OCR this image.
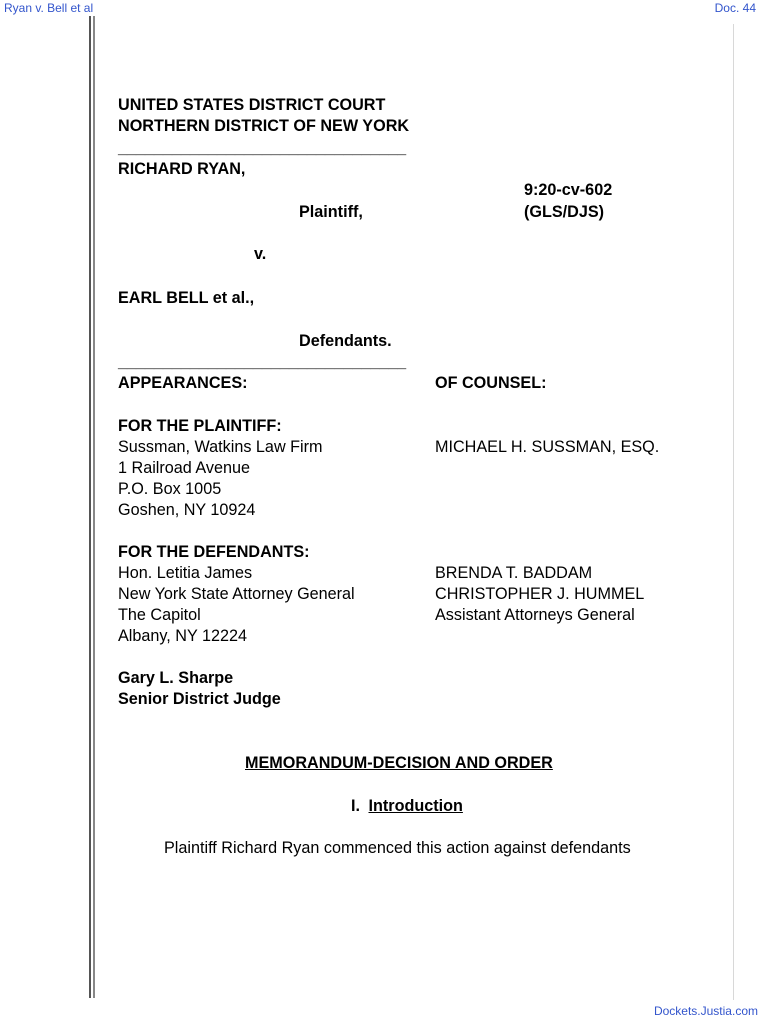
Ryan v. Bell et al	Doc. 44
UNITED STATES DISTRICT COURT
NORTHERN DISTRICT OF NEW YORK
________________________________
RICHARD RYAN,
9:20-cv-602
Plaintiff,	(GLS/DJS)
v.
EARL BELL et al.,
Defendants.
________________________________
APPEARANCES:	OF COUNSEL:
FOR THE PLAINTIFF:
Sussman, Watkins Law Firm	MICHAEL H. SUSSMAN, ESQ.
1 Railroad Avenue
P.O. Box 1005
Goshen, NY 10924
FOR THE DEFENDANTS:
Hon. Letitia James	BRENDA T. BADDAM
New York State Attorney General	CHRISTOPHER J. HUMMEL
The Capitol	Assistant Attorneys General
Albany, NY 12224
Gary L. Sharpe
Senior District Judge
MEMORANDUM-DECISION AND ORDER
I. Introduction
Plaintiff Richard Ryan commenced this action against defendants
Dockets.Justia.com
